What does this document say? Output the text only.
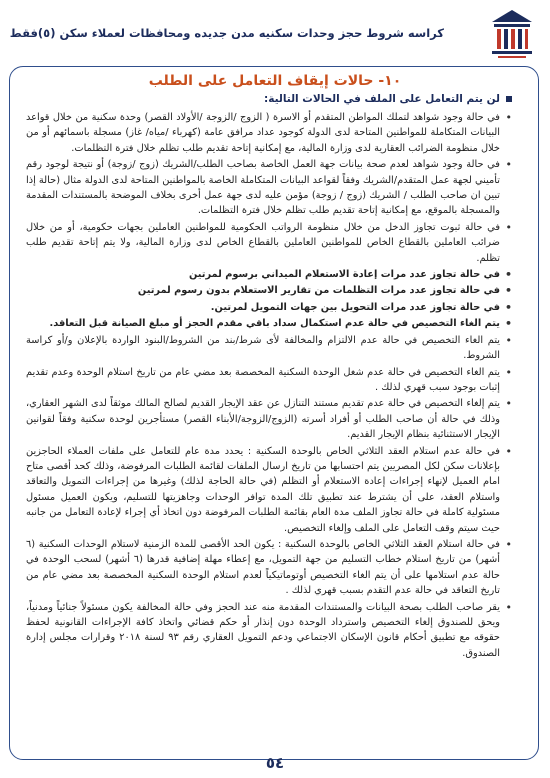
كراسه شروط حجز وحدات سكنيه مدن جديده ومحافظات لعملاء سكن (٥)فقط
١٠- حالات إيقاف التعامل على الطلب
لن يتم التعامل على الملف في الحالات التالية:
• في حالة وجود شواهد لتملك المواطن المتقدم أو الاسرة ( الزوج /الزوجة /الأولاد القصر) وحدة سكنية من خلال قواعد البيانات المتكاملة للمواطنين المتاحة لدى الدولة كوجود عداد مرافق عامة (كهرباء /مياه/ غاز) مسجلة باسمائهم أو من خلال منظومة الضرائب العقارية لدى وزارة المالية، مع إمكانية إتاحة تقديم طلب تظلم خلال فترة التظلمات.
• في حالة وجود شواهد لعدم صحة بيانات جهة العمل الخاصة بصاحب الطلب/الشريك (زوج /زوجة) أو نتيجة لوجود رقم تأميني لجهة عمل المتقدم/الشريك وفقاً لقواعد البيانات المتكاملة الخاصة بالمواطنين المتاحة لدى الدولة مثال (حالة إذا تبين ان صاحب الطلب / الشريك (زوج / زوجة) مؤمن عليه لدى جهة عمل أخرى بخلاف الموضحة بالمستندات المقدمة والمسجلة بالموقع، مع إمكانية إتاحة تقديم طلب تظلم خلال فترة التظلمات.
• في حالة ثبوت تجاوز الدخل من خلال منظومة الرواتب الحكومية للمواطنين العاملين بجهات حكومية، أو من خلال ضرائب العاملين بالقطاع الخاص للمواطنين العاملين بالقطاع الخاص لدى وزارة المالية، ولا يتم إتاحة تقديم طلب تظلم.
• في حالة تجاوز عدد مرات إعادة الاستعلام الميداني برسوم لمرتين
• في حالة تجاوز عدد مرات التظلمات من تقارير الاستعلام بدون رسوم لمرتين
• في حالة تجاوز عدد مرات التحويل بين جهات التمويل لمرتين.
• يتم الغاء التخصيص في حالة عدم استكمال سداد باقي مقدم الحجز أو مبلغ الصيانة قبل التعاقد.
• يتم الغاء التخصيص في حالة عدم الالتزام والمخالفة لأى شرط/بند من الشروط/البنود الواردة بالإعلان و/أو كراسة الشروط.
• يتم الغاء التخصيص في حالة عدم شغل الوحدة السكنية المخصصة بعد مضي عام من تاريخ استلام الوحدة وعدم تقديم إثبات بوجود سبب قهري لذلك .
• يتم إلغاء التخصيص في حالة عدم تقديم مستند التنازل عن عقد الإيجار القديم لصالح المالك موثقاً لدى الشهر العقاري، وذلك في حالة أن صاحب الطلب أو أفراد أسرته (الزوج/الزوجة/الأبناء القصر) مستأجرين لوحدة سكنية وفقاً لقوانين الإيجار الاستثنائية بنظام الإيجار القديم.
• في حالة عدم استلام العقد الثلاثي الخاص بالوحدة السكنية : يحدد مدة عام للتعامل على ملفات العملاء الحاجزين بإعلانات سكن لكل المصريين يتم احتسابها من تاريخ ارسال الملفات لقائمة الطلبات المرفوضة، وذلك كحد أقصى متاح امام العميل لإنهاء إجراءات إعادة الاستعلام أو التظلم (في حالة الحاجة لذلك) وغيرها من إجراءات التمويل والتعاقد واستلام العقد، على أن يشترط عند تطبيق تلك المدة توافر الوحدات وجاهزيتها للتسليم، ويكون العميل مسئول مسئولية كاملة في حالة تجاوز الملف مدة العام بقائمة الطلبات المرفوضة دون اتخاذ أي إجراء لإعادة التعامل من جانبه حيث سيتم وقف التعامل على الملف وإلغاء التخصيص.
• في حالة استلام العقد الثلاثي الخاص بالوحدة السكنية : يكون الحد الأقصى للمدة الزمنية لاستلام الوحدات السكنية (٦ أشهر) من تاريخ استلام خطاب التسليم من جهة التمويل، مع إعطاء مهلة إضافية قدرها (٦ أشهر) لسحب الوحدة في حالة عدم استلامها على أن يتم الغاء التخصيص أوتوماتيكياً لعدم استلام الوحدة السكنية المخصصة بعد مضي عام من تاريخ التعاقد في حالة عدم التقدم بسبب قهري لذلك .
• يقر صاحب الطلب بصحة البيانات والمستندات المقدمة منه عند الحجز وفي حالة المخالفة يكون مسئولاً جنائياً ومدنياً، ويحق للصندوق إلغاء التخصيص واسترداد الوحدة دون إنذار أو حكم قضائي واتخاذ كافة الإجراءات القانونية لحفظ حقوقه مع تطبيق أحكام قانون الإسكان الاجتماعي ودعم التمويل العقاري رقم ٩٣ لسنة ٢٠١٨ وقرارات مجلس إدارة الصندوق.
٥٤
